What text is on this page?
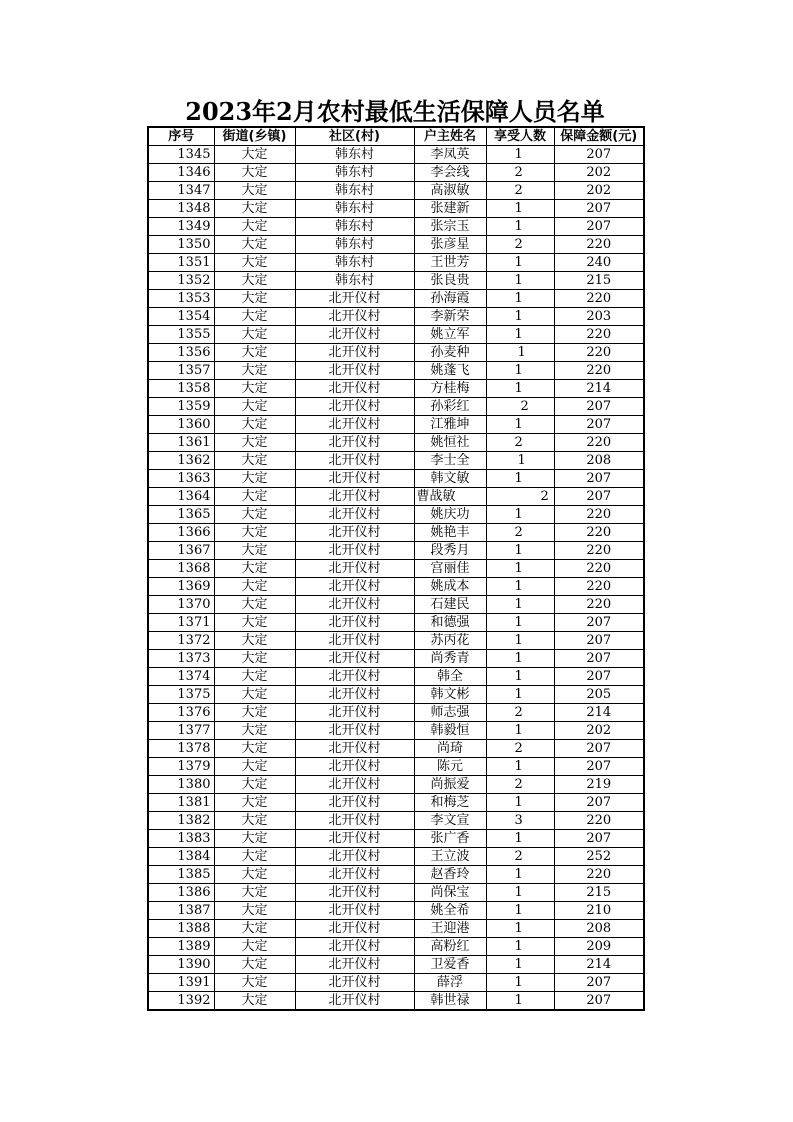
2023年2月农村最低生活保障人员名单
序号	街道(乡镇)	社区(村)	户主姓名	享受人数	保障金额(元)
1345	大定	韩东村	李凤英	1	207
1346	大定	韩东村	李会线	2	202
1347	大定	韩东村	高淑敏	2	202
1348	大定	韩东村	张建新	1	207
1349	大定	韩东村	张宗玉	1	207
1350	大定	韩东村	张彦星	2	220
1351	大定	韩东村	王世芳	1	240
1352	大定	韩东村	张良贵	1	215
1353	大定	北开仪村	孙海霞	1	220
1354	大定	北开仪村	李新荣	1	203
1355	大定	北开仪村	姚立军	1	220
1356	大定	北开仪村	孙麦种	1	220
1357	大定	北开仪村	姚蓬飞	1	220
1358	大定	北开仪村	方桂梅	1	214
1359	大定	北开仪村	孙彩红	2	207
1360	大定	北开仪村	江雅坤	1	207
1361	大定	北开仪村	姚恒社	2	220
1362	大定	北开仪村	李士全	1	208
1363	大定	北开仪村	韩文敏	1	207
1364	大定	北开仪村	曹战敏	2	207
1365	大定	北开仪村	姚庆功	1	220
1366	大定	北开仪村	姚艳丰	2	220
1367	大定	北开仪村	段秀月	1	220
1368	大定	北开仪村	宫丽佳	1	220
1369	大定	北开仪村	姚成本	1	220
1370	大定	北开仪村	石建民	1	220
1371	大定	北开仪村	和德强	1	207
1372	大定	北开仪村	苏丙花	1	207
1373	大定	北开仪村	尚秀青	1	207
1374	大定	北开仪村	韩全	1	207
1375	大定	北开仪村	韩文彬	1	205
1376	大定	北开仪村	师志强	2	214
1377	大定	北开仪村	韩毅恒	1	202
1378	大定	北开仪村	尚琦	2	207
1379	大定	北开仪村	陈元	1	207
1380	大定	北开仪村	尚振爱	2	219
1381	大定	北开仪村	和梅芝	1	207
1382	大定	北开仪村	李文宣	3	220
1383	大定	北开仪村	张广香	1	207
1384	大定	北开仪村	王立波	2	252
1385	大定	北开仪村	赵香玲	1	220
1386	大定	北开仪村	尚保宝	1	215
1387	大定	北开仪村	姚全希	1	210
1388	大定	北开仪村	王迎港	1	208
1389	大定	北开仪村	高粉红	1	209
1390	大定	北开仪村	卫爱香	1	214
1391	大定	北开仪村	薛浮	1	207
1392	大定	北开仪村	韩世禄	1	207
